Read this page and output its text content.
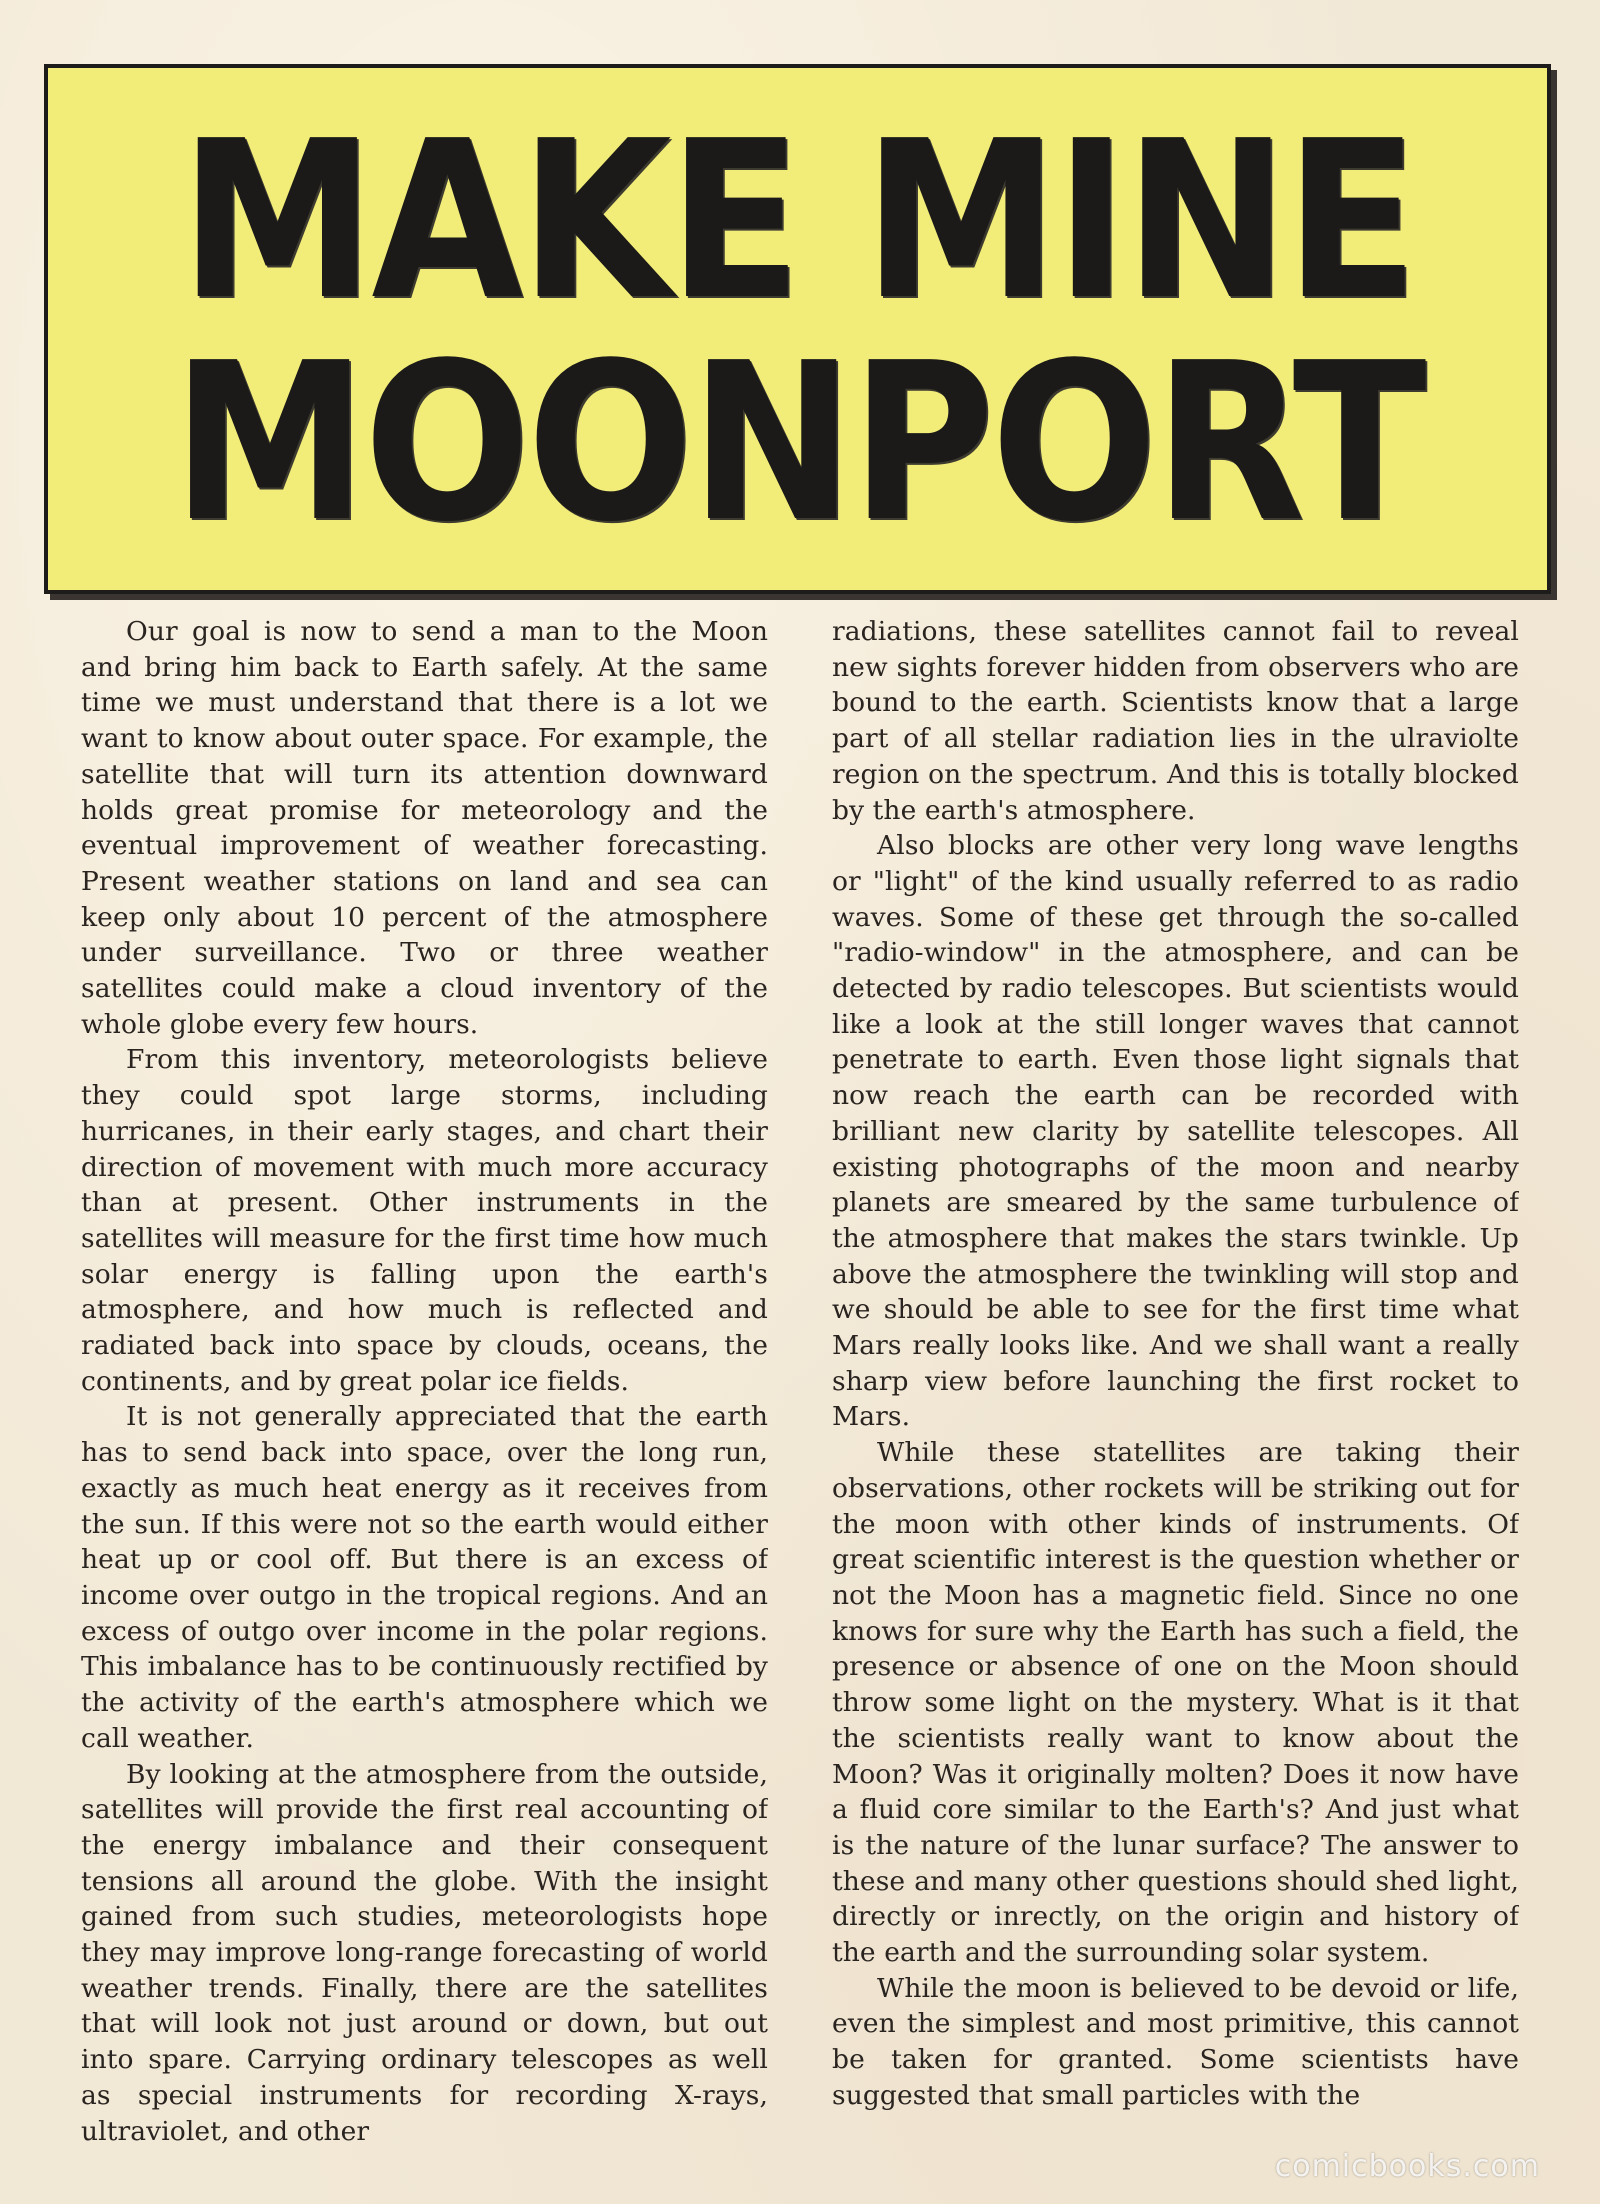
MAKE MINE
MOONPORT

Our goal is now to send a man to the Moon and bring him back to Earth safely. At the same time we must understand that there is a lot we want to know about outer space. For example, the satellite that will turn its attention downward holds great promise for meteorology and the eventual improvement of weather forecasting. Present weather stations on land and sea can keep only about 10 percent of the atmosphere under surveillance. Two or three weather satellites could make a cloud inventory of the whole globe every few hours.

From this inventory, meteorologists believe they could spot large storms, including hurricanes, in their early stages, and chart their direction of movement with much more accuracy than at present. Other instruments in the satellites will measure for the first time how much solar energy is falling upon the earth's atmosphere, and how much is reflected and radiated back into space by clouds, oceans, the continents, and by great polar ice fields.

It is not generally appreciated that the earth has to send back into space, over the long run, exactly as much heat energy as it receives from the sun. If this were not so the earth would either heat up or cool off. But there is an excess of income over outgo in the tropical regions. And an excess of outgo over income in the polar regions. This imbalance has to be continuously rectified by the activity of the earth's atmosphere which we call weather.

By looking at the atmosphere from the outside, satellites will provide the first real accounting of the energy imbalance and their consequent tensions all around the globe. With the insight gained from such studies, meteorologists hope they may improve long-range forecasting of world weather trends. Finally, there are the satellites that will look not just around or down, but out into spare. Carrying ordinary telescopes as well as special instruments for recording X-rays, ultraviolet, and other

radiations, these satellites cannot fail to reveal new sights forever hidden from observers who are bound to the earth. Scientists know that a large part of all stellar radiation lies in the ulraviolte region on the spectrum. And this is totally blocked by the earth's atmosphere.

Also blocks are other very long wave lengths or "light" of the kind usually referred to as radio waves. Some of these get through the so-called "radio-window" in the atmosphere, and can be detected by radio telescopes. But scientists would like a look at the still longer waves that cannot penetrate to earth. Even those light signals that now reach the earth can be recorded with brilliant new clarity by satellite telescopes. All existing photographs of the moon and nearby planets are smeared by the same turbulence of the atmosphere that makes the stars twinkle. Up above the atmosphere the twinkling will stop and we should be able to see for the first time what Mars really looks like. And we shall want a really sharp view before launching the first rocket to Mars.

While these statellites are taking their observations, other rockets will be striking out for the moon with other kinds of instruments. Of great scientific interest is the question whether or not the Moon has a magnetic field. Since no one knows for sure why the Earth has such a field, the presence or absence of one on the Moon should throw some light on the mystery. What is it that the scientists really want to know about the Moon? Was it originally molten? Does it now have a fluid core similar to the Earth's? And just what is the nature of the lunar surface? The answer to these and many other questions should shed light, directly or inrectly, on the origin and history of the earth and the surrounding solar system.

While the moon is believed to be devoid or life, even the simplest and most primitive, this cannot be taken for granted. Some scientists have suggested that small particles with the

comicbooks.com
